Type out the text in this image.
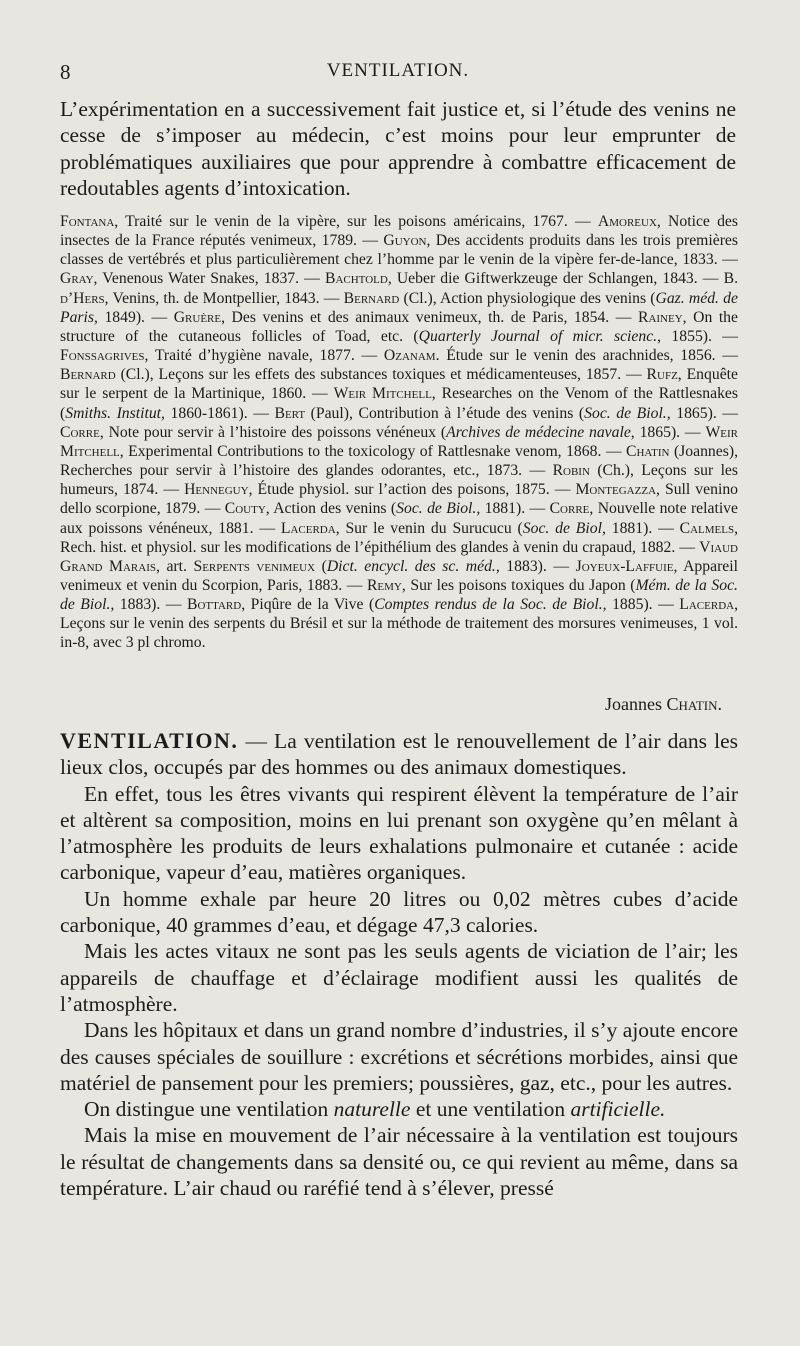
8	VENTILATION.

L’expérimentation en a successivement fait justice et, si l’étude des venins ne cesse de s’imposer au médecin, c’est moins pour leur emprunter de problématiques auxiliaires que pour apprendre à combattre efficacement de redoutables agents d’intoxication.

Fontana, Traité sur le venin de la vipère, sur les poisons américains, 1767. — Amoreux, Notice des insectes de la France réputés venimeux, 1789. — Guyon, Des accidents produits dans les trois premières classes de vertébrés et plus particulièrement chez l’homme par le venin de la vipère fer-de-lance, 1833. — Gray, Venenous Water Snakes, 1837. — Bachtold, Ueber die Giftwerkzeuge der Schlangen, 1843. — B. d’Hers, Venins, th. de Montpellier, 1843. — Bernard (Cl.), Action physiologique des venins (Gaz. méd. de Paris, 1849). — Gruère, Des venins et des animaux venimeux, th. de Paris, 1854. — Rainey, On the structure of the cutaneous follicles of Toad, etc. (Quarterly Journal of micr. scienc., 1855). — Fonssagrives, Traité d’hygiène navale, 1877. — Ozanam. Étude sur le venin des arachnides, 1856. — Bernard (Cl.), Leçons sur les effets des substances toxiques et médicamenteuses, 1857. — Rufz, Enquête sur le serpent de la Martinique, 1860. — Weir Mitchell, Researches on the Venom of the Rattlesnakes (Smiths. Institut, 1860-1861). — Bert (Paul), Contribution à l’étude des venins (Soc. de Biol., 1865). — Corre, Note pour servir à l’histoire des poissons vénéneux (Archives de médecine navale, 1865). — Weir Mitchell, Experimental Contributions to the toxicology of Rattlesnake venom, 1868. — Chatin (Joannes), Recherches pour servir à l’histoire des glandes odorantes, etc., 1873. — Robin (Ch.), Leçons sur les humeurs, 1874. — Henneguy, Étude physiol. sur l’action des poisons, 1875. — Montegazza, Sull venino dello scorpione, 1879. — Couty, Action des venins (Soc. de Biol., 1881). — Corre, Nouvelle note relative aux poissons vénéneux, 1881. — Lacerda, Sur le venin du Surucucu (Soc. de Biol, 1881). — Calmels, Rech. hist. et physiol. sur les modifications de l’épithélium des glandes à venin du crapaud, 1882. — Viaud Grand Marais, art. Serpents venimeux (Dict. encycl. des sc. méd., 1883). — Joyeux-Laffuie, Appareil venimeux et venin du Scorpion, Paris, 1883. — Remy, Sur les poisons toxiques du Japon (Mém. de la Soc. de Biol., 1883). — Bottard, Piqûre de la Vive (Comptes rendus de la Soc. de Biol., 1885). — Lacerda, Leçons sur le venin des serpents du Brésil et sur la méthode de traitement des morsures venimeuses, 1 vol. in-8, avec 3 pl chromo.

Joannes Chatin.

VENTILATION. — La ventilation est le renouvellement de l’air dans les lieux clos, occupés par des hommes ou des animaux domestiques.

En effet, tous les êtres vivants qui respirent élèvent la température de l’air et altèrent sa composition, moins en lui prenant son oxygène qu’en mêlant à l’atmosphère les produits de leurs exhalations pulmonaire et cutanée : acide carbonique, vapeur d’eau, matières organiques.

Un homme exhale par heure 20 litres ou 0,02 mètres cubes d’acide carbonique, 40 grammes d’eau, et dégage 47,3 calories.

Mais les actes vitaux ne sont pas les seuls agents de viciation de l’air; les appareils de chauffage et d’éclairage modifient aussi les qualités de l’atmosphère.

Dans les hôpitaux et dans un grand nombre d’industries, il s’y ajoute encore des causes spéciales de souillure : excrétions et sécrétions morbides, ainsi que matériel de pansement pour les premiers; poussières, gaz, etc., pour les autres.

On distingue une ventilation naturelle et une ventilation artificielle.

Mais la mise en mouvement de l’air nécessaire à la ventilation est toujours le résultat de changements dans sa densité ou, ce qui revient au même, dans sa température. L’air chaud ou raréfié tend à s’élever, pressé
